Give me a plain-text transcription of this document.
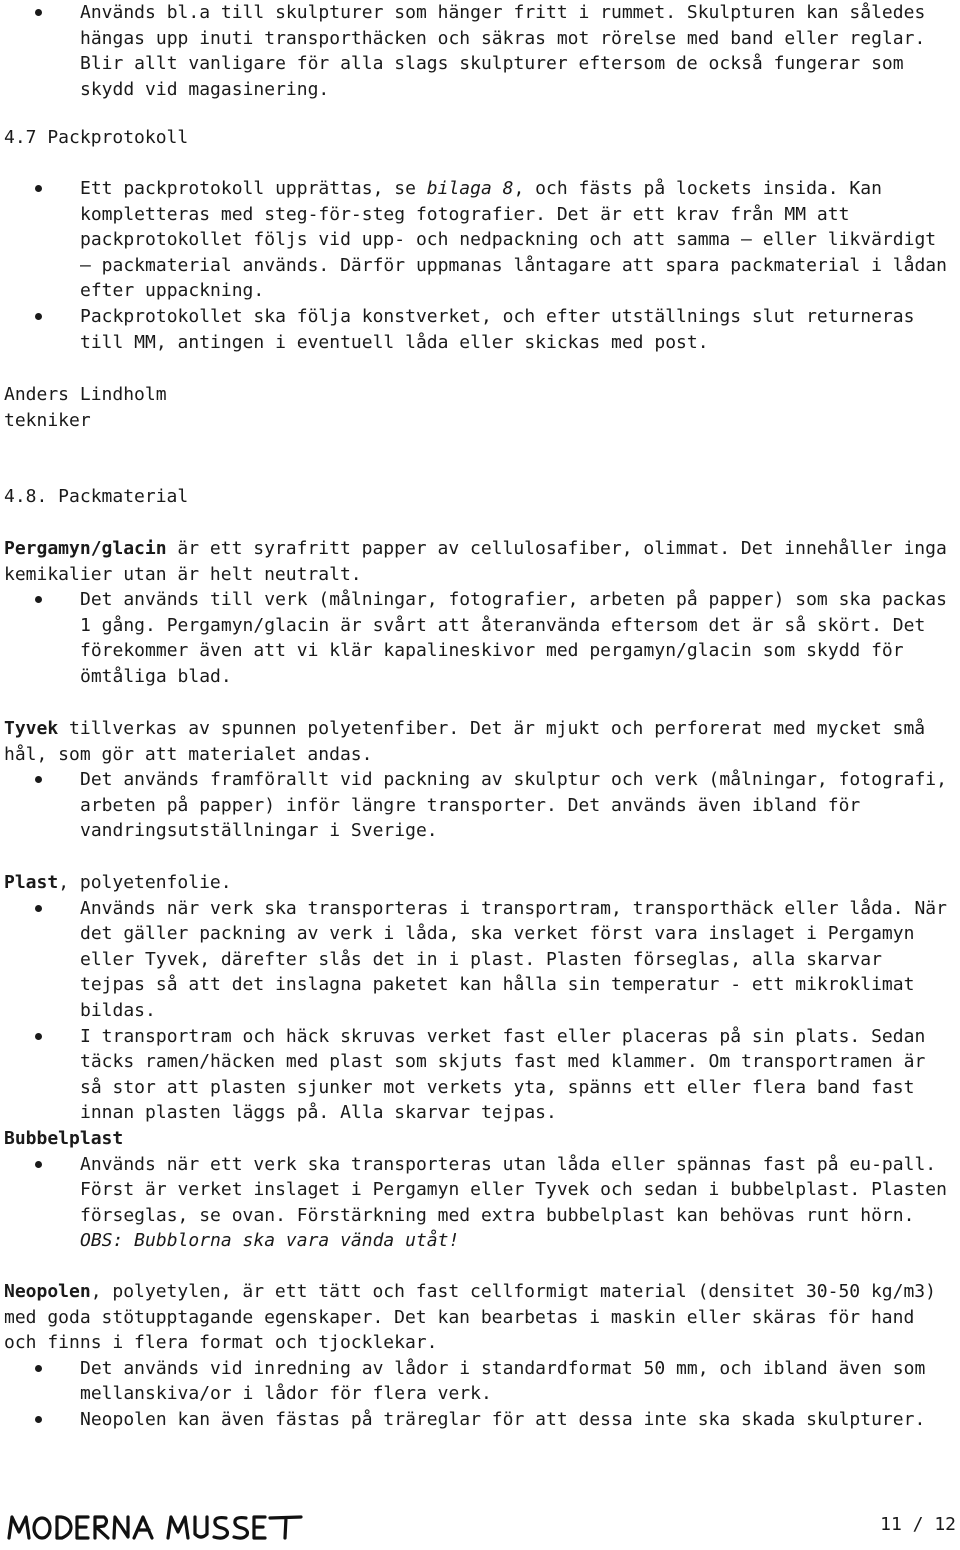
Används bl.a till skulpturer som hänger fritt i rummet. Skulpturen kan således hängas upp inuti transporthäcken och säkras mot rörelse med band eller reglar. Blir allt vanligare för alla slags skulpturer eftersom de också fungerar som skydd vid magasinering.

4.7 Packprotokoll

Ett packprotokoll upprättas, se bilaga 8, och fästs på lockets insida. Kan kompletteras med steg-för-steg fotografier. Det är ett krav från MM att packprotokollet följs vid upp- och nedpackning och att samma — eller likvärdigt — packmaterial används. Därför uppmanas låntagare att spara packmaterial i lådan efter uppackning.
Packprotokollet ska följa konstverket, och efter utställnings slut returneras till MM, antingen i eventuell låda eller skickas med post.

Anders Lindholm

tekniker

4.8. Packmaterial

Pergamyn/glacin är ett syrafritt papper av cellulosafiber, olimmat. Det innehåller inga kemikalier utan är helt neutralt.

Det används till verk (målningar, fotografier, arbeten på papper) som ska packas 1 gång. Pergamyn/glacin är svårt att återanvända eftersom det är så skört. Det förekommer även att vi klär kapalineskivor med pergamyn/glacin som skydd för ömtåliga blad.

Tyvek tillverkas av spunnen polyetenfiber. Det är mjukt och perforerat med mycket små hål, som gör att materialet andas.

Det används framförallt vid packning av skulptur och verk (målningar, fotografi, arbeten på papper) inför längre transporter. Det används även ibland för vandringsutställningar i Sverige.

Plast, polyetenfolie.

Används när verk ska transporteras i transportram, transporthäck eller låda. När det gäller packning av verk i låda, ska verket först vara inslaget i Pergamyn eller Tyvek, därefter slås det in i plast. Plasten förseglas, alla skarvar tejpas så att det inslagna paketet kan hålla sin temperatur - ett mikroklimat bildas.
I transportram och häck skruvas verket fast eller placeras på sin plats. Sedan täcks ramen/häcken med plast som skjuts fast med klammer. Om transportramen är så stor att plasten sjunker mot verkets yta, spänns ett eller flera band fast innan plasten läggs på. Alla skarvar tejpas.

Bubbelplast

Används när ett verk ska transporteras utan låda eller spännas fast på eu-pall. Först är verket inslaget i Pergamyn eller Tyvek och sedan i bubbelplast. Plasten förseglas, se ovan. Förstärkning med extra bubbelplast kan behövas runt hörn. OBS: Bubblorna ska vara vända utåt!

Neopolen, polyetylen, är ett tätt och fast cellformigt material (densitet 30-50 kg/m3) med goda stötupptagande egenskaper. Det kan bearbetas i maskin eller skäras för hand och finns i flera format och tjocklekar.

Det används vid inredning av lådor i standardformat 50 mm, och ibland även som mellanskiva/or i lådor för flera verk.
Neopolen kan även fästas på träreglar för att dessa inte ska skada skulpturer.
11 / 12
